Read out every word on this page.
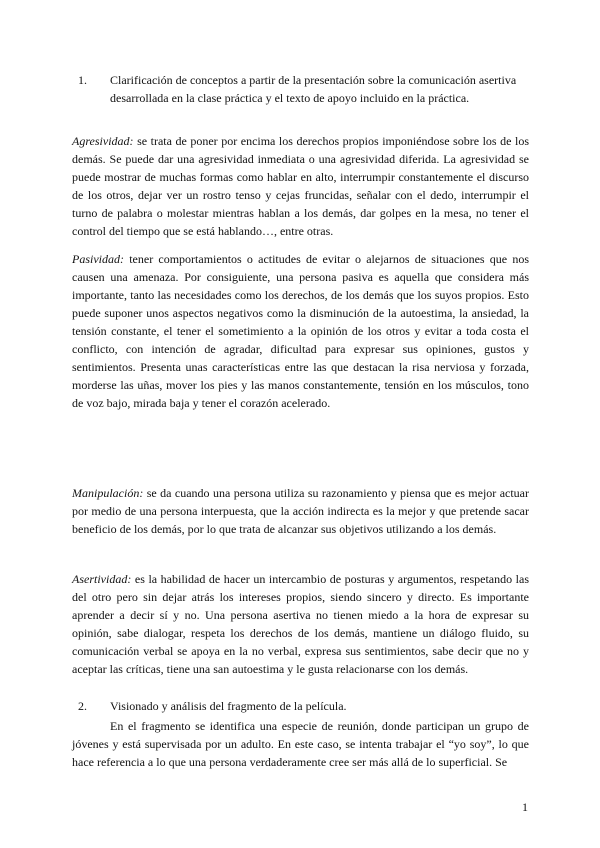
1. Clarificación de conceptos a partir de la presentación sobre la comunicación asertiva desarrollada en la clase práctica y el texto de apoyo incluido en la práctica.

Agresividad: se trata de poner por encima los derechos propios imponiéndose sobre los de los demás. Se puede dar una agresividad inmediata o una agresividad diferida. La agresividad se puede mostrar de muchas formas como hablar en alto, interrumpir constantemente el discurso de los otros, dejar ver un rostro tenso y cejas fruncidas, señalar con el dedo, interrumpir el turno de palabra o molestar mientras hablan a los demás, dar golpes en la mesa, no tener el control del tiempo que se está hablando…, entre otras.

Pasividad: tener comportamientos o actitudes de evitar o alejarnos de situaciones que nos causen una amenaza. Por consiguiente, una persona pasiva es aquella que considera más importante, tanto las necesidades como los derechos, de los demás que los suyos propios. Esto puede suponer unos aspectos negativos como la disminución de la autoestima, la ansiedad, la tensión constante, el tener el sometimiento a la opinión de los otros y evitar a toda costa el conflicto, con intención de agradar, dificultad para expresar sus opiniones, gustos y sentimientos. Presenta unas características entre las que destacan la risa nerviosa y forzada, morderse las uñas, mover los pies y las manos constantemente, tensión en los músculos, tono de voz bajo, mirada baja y tener el corazón acelerado.

Manipulación: se da cuando una persona utiliza su razonamiento y piensa que es mejor actuar por medio de una persona interpuesta, que la acción indirecta es la mejor y que pretende sacar beneficio de los demás, por lo que trata de alcanzar sus objetivos utilizando a los demás.

Asertividad: es la habilidad de hacer un intercambio de posturas y argumentos, respetando las del otro pero sin dejar atrás los intereses propios, siendo sincero y directo. Es importante aprender a decir sí y no. Una persona asertiva no tienen miedo a la hora de expresar su opinión, sabe dialogar, respeta los derechos de los demás, mantiene un diálogo fluido, su comunicación verbal se apoya en la no verbal, expresa sus sentimientos, sabe decir que no y aceptar las críticas, tiene una san autoestima y le gusta relacionarse con los demás.

2. Visionado y análisis del fragmento de la película.

En el fragmento se identifica una especie de reunión, donde participan un grupo de jóvenes y está supervisada por un adulto. En este caso, se intenta trabajar el “yo soy”, lo que hace referencia a lo que una persona verdaderamente cree ser más allá de lo superficial. Se

1
